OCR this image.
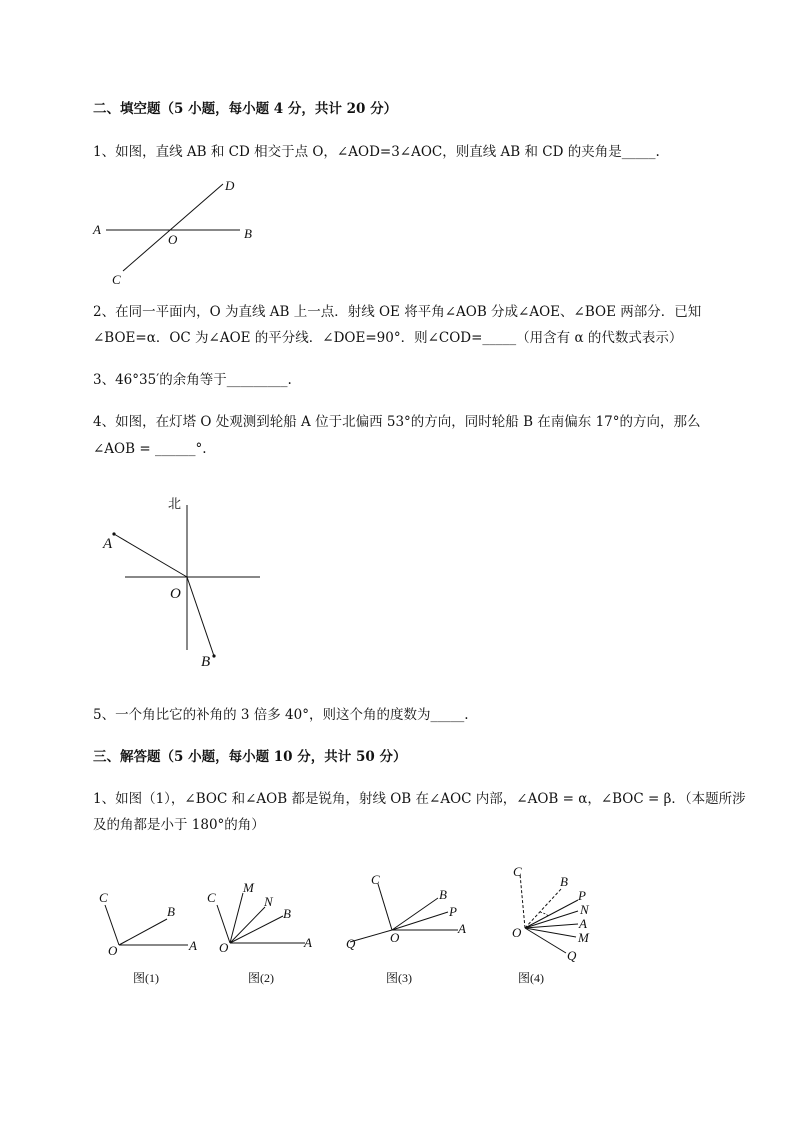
二、填空题（5 小题，每小题 4 分，共计 20 分）
1、如图，直线 AB 和 CD 相交于点 O，∠AOD=3∠AOC，则直线 AB 和 CD 的夹角是_____.
A	B
C
D
O
2、在同一平面内，O 为直线 AB 上一点．射线 OE 将平角∠AOB 分成∠AOE、∠BOE 两部分．已知
∠BOE=α．OC 为∠AOE 的平分线．∠DOE=90°．则∠COD=_____（用含有 α 的代数式表示）
3、46°35′的余角等于_________.
4、如图，在灯塔 O 处观测到轮船 A 位于北偏西 53°的方向，同时轮船 B 在南偏东 17°的方向，那么
∠AOB = ______°.
北
A
O
B
5、一个角比它的补角的 3 倍多 40°，则这个角的度数为_____.
三、解答题（5 小题，每小题 10 分，共计 50 分）
1、如图（1），∠BOC 和∠AOB 都是锐角，射线 OB 在∠AOC 内部，∠AOB = α，∠BOC = β．（本题所涉
及的角都是小于 180°的角）
C
B
O	A
图(1)
C
M
N
B
O	A
图(2)
C
B
P
A
O
Q
图(3)
C
B
P
N
A
M
Q
O
图(4)
